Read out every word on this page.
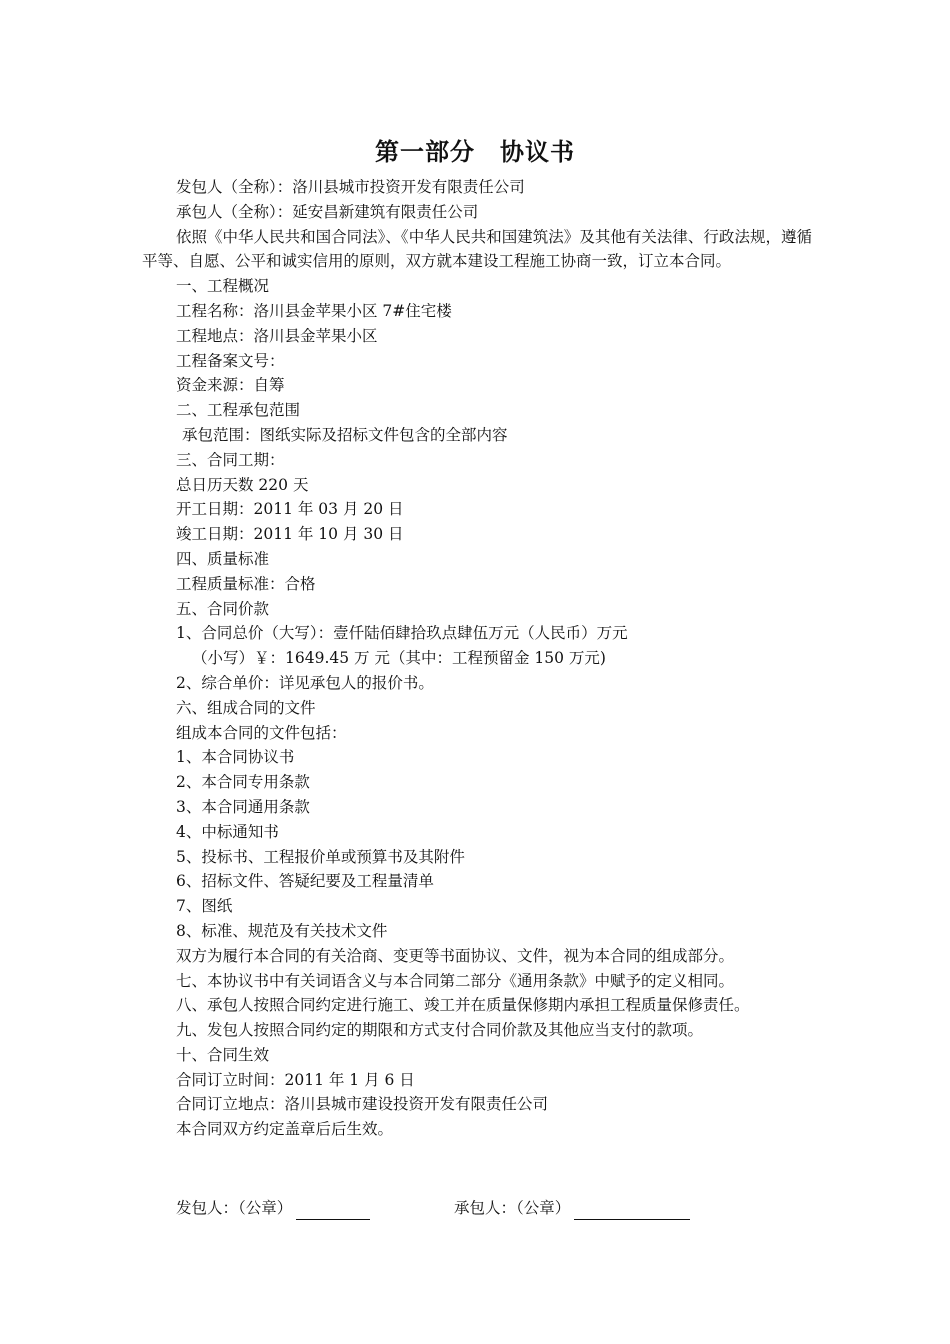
第一部分　协议书

发包人（全称）：洛川县城市投资开发有限责任公司

承包人（全称）：延安昌新建筑有限责任公司

依照《中华人民共和国合同法》、《中华人民共和国建筑法》及其他有关法律、行政法规，遵循平等、自愿、公平和诚实信用的原则，双方就本建设工程施工协商一致，订立本合同。

一、工程概况

工程名称：洛川县金苹果小区 7#住宅楼

工程地点：洛川县金苹果小区

工程备案文号：

资金来源：自筹

二、工程承包范围

承包范围：图纸实际及招标文件包含的全部内容

三、合同工期：

总日历天数 220 天

开工日期：2011 年 03 月 20 日

竣工日期：2011 年 10 月 30 日

四、质量标准

工程质量标准：合格

五、合同价款

1、合同总价（大写）：壹仟陆佰肆拾玖点肆伍万元（人民币）万元

（小写）￥：1649.45 万 元（其中：工程预留金 150 万元)

2、综合单价：详见承包人的报价书。

六、组成合同的文件

组成本合同的文件包括：

1、本合同协议书

2、本合同专用条款

3、本合同通用条款

4、中标通知书

5、投标书、工程报价单或预算书及其附件

6、招标文件、答疑纪要及工程量清单

7、图纸

8、标准、规范及有关技术文件

双方为履行本合同的有关洽商、变更等书面协议、文件，视为本合同的组成部分。

七、本协议书中有关词语含义与本合同第二部分《通用条款》中赋予的定义相同。

八、承包人按照合同约定进行施工、竣工并在质量保修期内承担工程质量保修责任。

九、发包人按照合同约定的期限和方式支付合同价款及其他应当支付的款项。

十、合同生效

合同订立时间：2011 年 1 月 6 日

合同订立地点：洛川县城市建设投资开发有限责任公司

本合同双方约定盖章后后生效。

发包人：（公章）	承包人：（公章）
